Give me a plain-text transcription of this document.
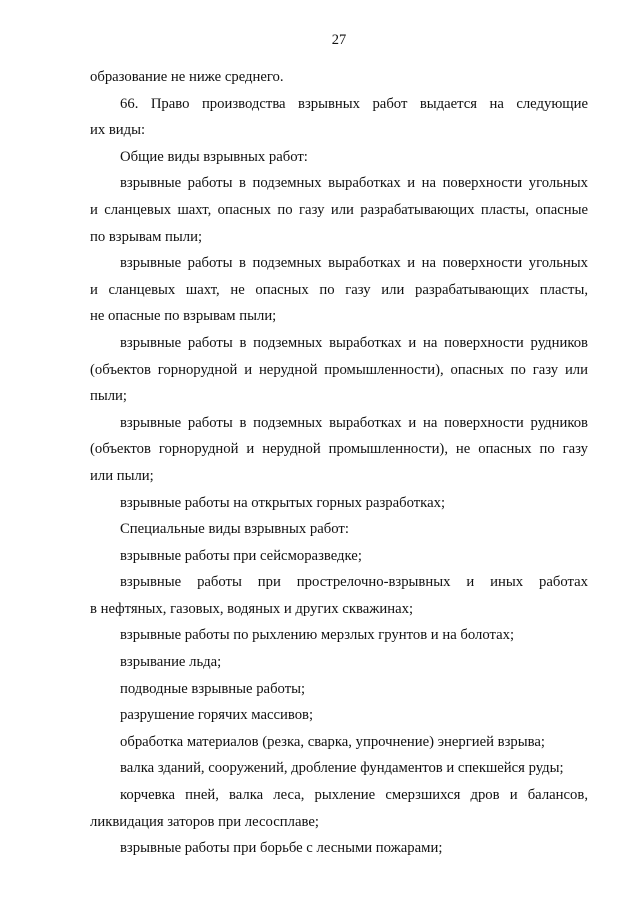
27
образование не ниже среднего.
66. Право производства взрывных работ выдается на следующие
их виды:
Общие виды взрывных работ:
взрывные работы в подземных выработках и на поверхности угольных
и сланцевых шахт, опасных по газу или разрабатывающих пласты, опасные
по взрывам пыли;
взрывные работы в подземных выработках и на поверхности угольных
и сланцевых шахт, не опасных по газу или разрабатывающих пласты,
не опасные по взрывам пыли;
взрывные работы в подземных выработках и на поверхности рудников
(объектов горнорудной и нерудной промышленности), опасных по газу или
пыли;
взрывные работы в подземных выработках и на поверхности рудников
(объектов горнорудной и нерудной промышленности), не опасных по газу
или пыли;
взрывные работы на открытых горных разработках;
Специальные виды взрывных работ:
взрывные работы при сейсморазведке;
взрывные работы при прострелочно-взрывных и иных работах
в нефтяных, газовых, водяных и других скважинах;
взрывные работы по рыхлению мерзлых грунтов и на болотах;
взрывание льда;
подводные взрывные работы;
разрушение горячих массивов;
обработка материалов (резка, сварка, упрочнение) энергией взрыва;
валка зданий, сооружений, дробление фундаментов и спекшейся руды;
корчевка пней, валка леса, рыхление смерзшихся дров и балансов,
ликвидация заторов при лесосплаве;
взрывные работы при борьбе с лесными пожарами;
